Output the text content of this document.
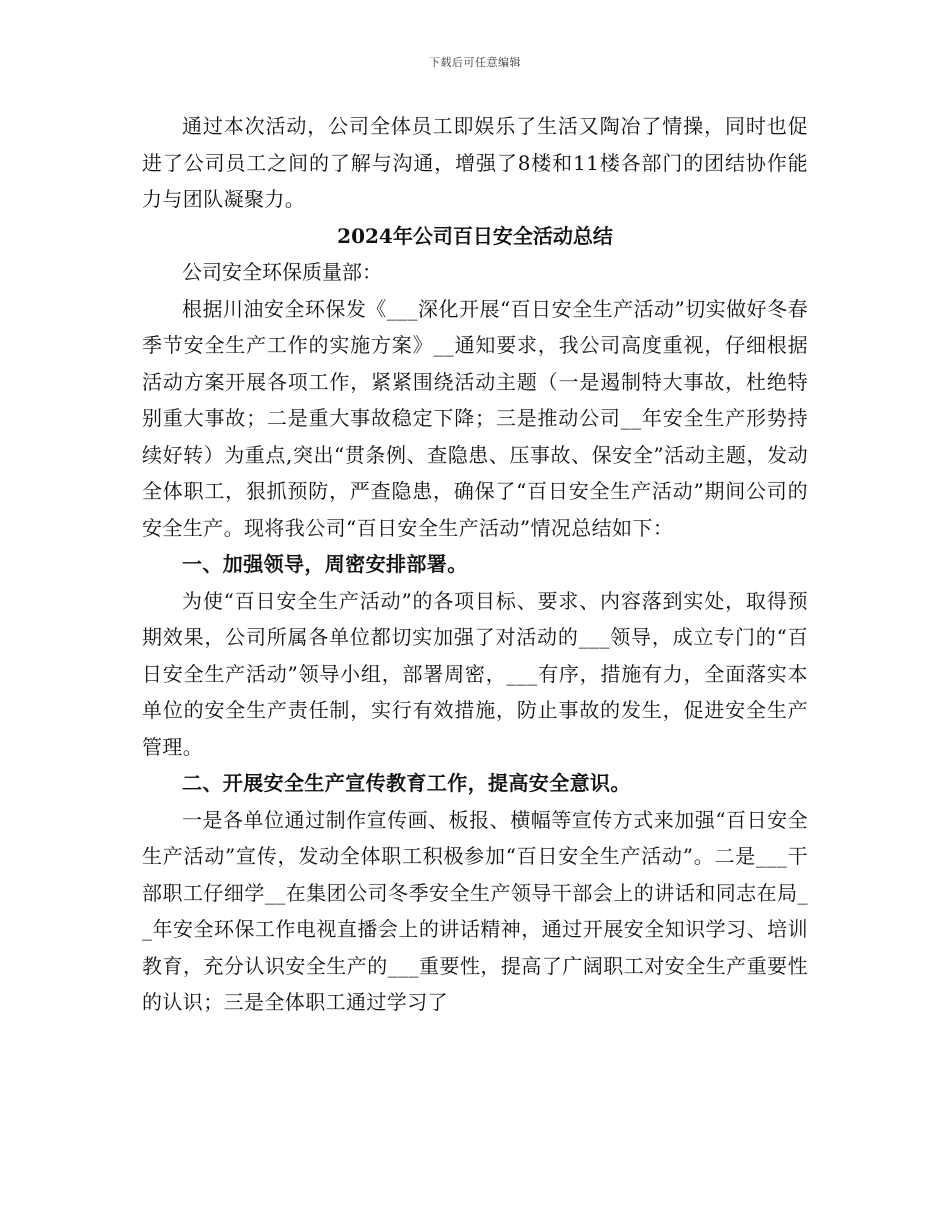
下载后可任意编辑

通过本次活动，公司全体员工即娱乐了生活又陶冶了情操，同时也促进了公司员工之间的了解与沟通，增强了8楼和11楼各部门的团结协作能力与团队凝聚力。

2024年公司百日安全活动总结

公司安全环保质量部：

根据川油安全环保发《___深化开展“百日安全生产活动”切实做好冬春季节安全生产工作的实施方案》__通知要求，我公司高度重视，仔细根据活动方案开展各项工作，紧紧围绕活动主题（一是遏制特大事故，杜绝特别重大事故；二是重大事故稳定下降；三是推动公司__年安全生产形势持续好转）为重点,突出“贯条例、查隐患、压事故、保安全”活动主题，发动全体职工，狠抓预防，严查隐患，确保了“百日安全生产活动”期间公司的安全生产。现将我公司“百日安全生产活动”情况总结如下：

一、加强领导，周密安排部署。

为使“百日安全生产活动”的各项目标、要求、内容落到实处，取得预期效果，公司所属各单位都切实加强了对活动的___领导，成立专门的“百日安全生产活动”领导小组，部署周密，___有序，措施有力，全面落实本单位的安全生产责任制，实行有效措施，防止事故的发生，促进安全生产管理。

二、开展安全生产宣传教育工作，提高安全意识。

一是各单位通过制作宣传画、板报、横幅等宣传方式来加强“百日安全生产活动”宣传，发动全体职工积极参加“百日安全生产活动”。二是___干部职工仔细学__在集团公司冬季安全生产领导干部会上的讲话和同志在局__年安全环保工作电视直播会上的讲话精神，通过开展安全知识学习、培训教育，充分认识安全生产的___重要性，提高了广阔职工对安全生产重要性的认识；三是全体职工通过学习了
